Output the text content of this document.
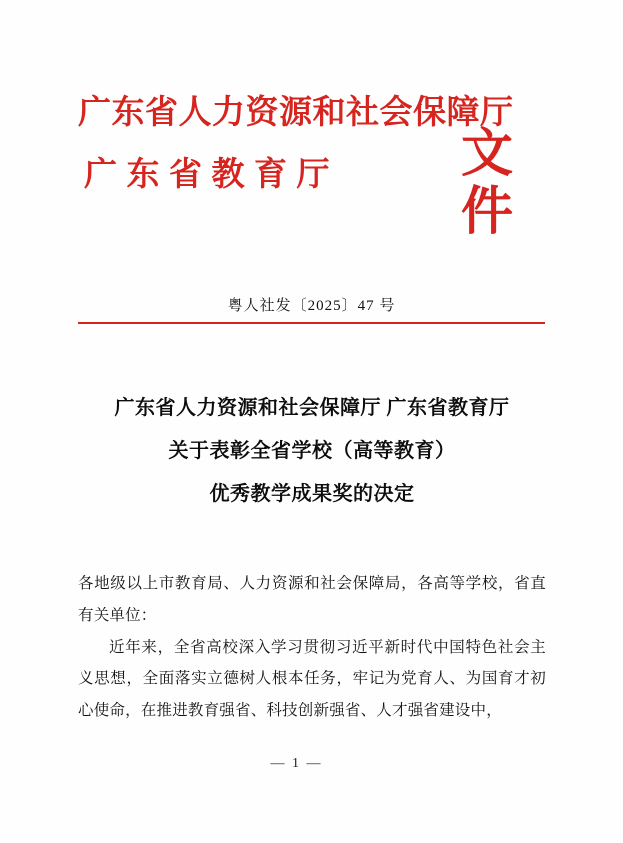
广东省人力资源和社会保障厅
广东省教育厅	文
件
粤人社发〔2025〕47 号
广东省人力资源和社会保障厅 广东省教育厅
关于表彰全省学校（高等教育）
优秀教学成果奖的决定

各地级以上市教育局、人力资源和社会保障局，各高等学校，省直有关单位：

近年来，全省高校深入学习贯彻习近平新时代中国特色社会主义思想，全面落实立德树人根本任务，牢记为党育人、为国育才初心使命，在推进教育强省、科技创新强省、人才强省建设中，

— 1 —
